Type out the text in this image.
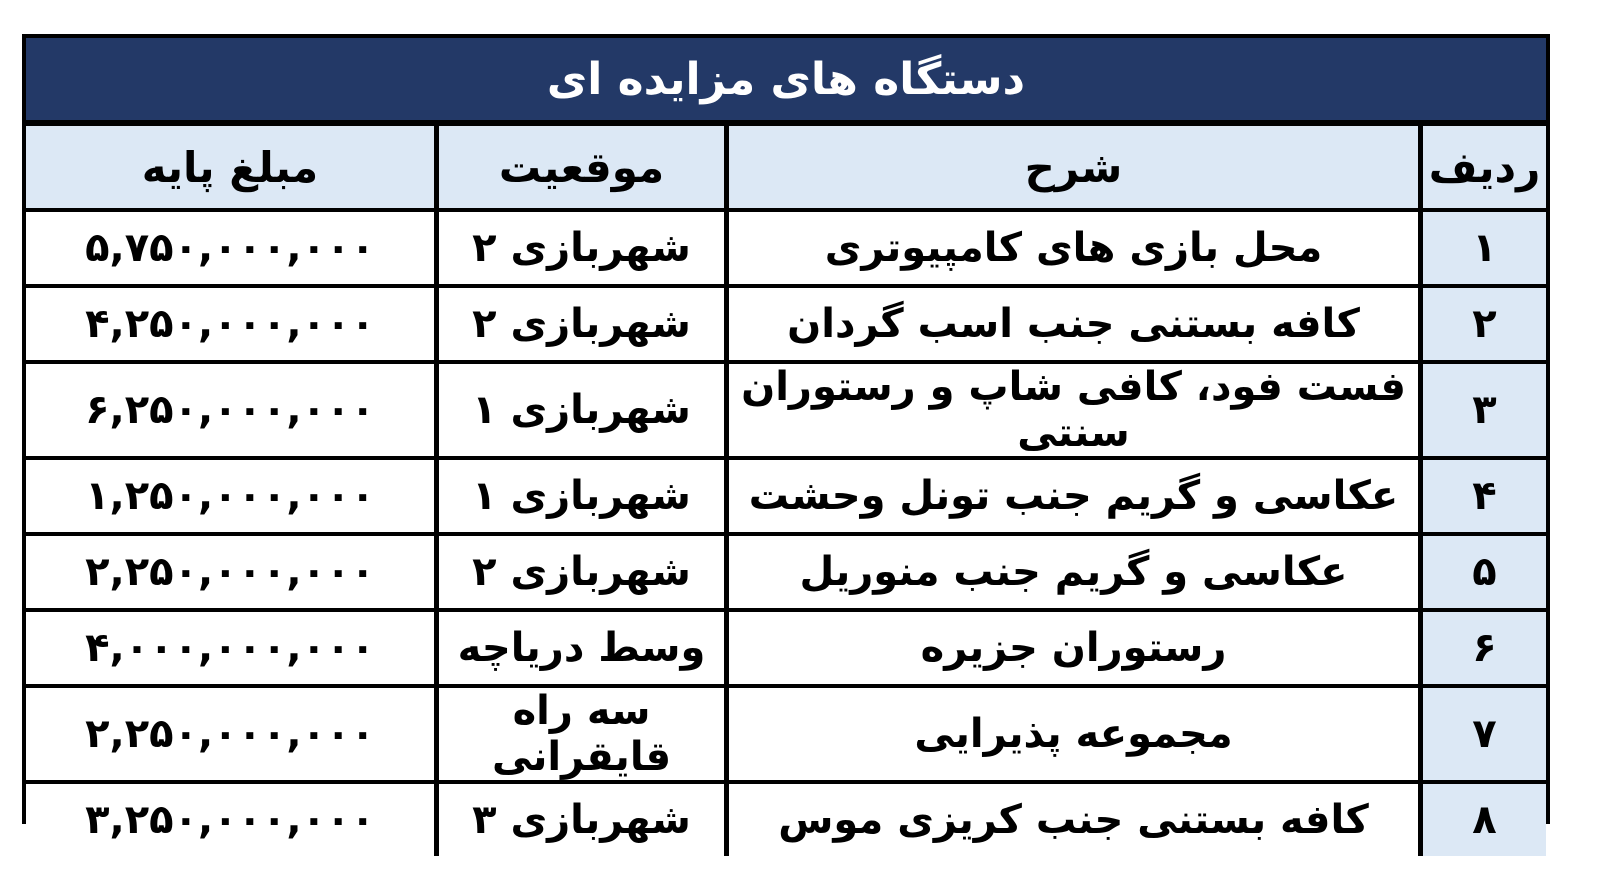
دستگاه های مزایده ای
ردیف	شرح	موقعیت	مبلغ پایه
۱	محل بازی های کامپیوتری	شهربازی ۲	۵,۷۵۰,۰۰۰,۰۰۰
۲	کافه بستنی جنب اسب گردان	شهربازی ۲	۴,۲۵۰,۰۰۰,۰۰۰
۳	فست فود، کافی شاپ و رستوران سنتی	شهربازی ۱	۶,۲۵۰,۰۰۰,۰۰۰
۴	عکاسی و گریم جنب تونل وحشت	شهربازی ۱	۱,۲۵۰,۰۰۰,۰۰۰
۵	عکاسی و گریم جنب منوریل	شهربازی ۲	۲,۲۵۰,۰۰۰,۰۰۰
۶	رستوران جزیره	وسط دریاچه	۴,۰۰۰,۰۰۰,۰۰۰
۷	مجموعه پذیرایی	سه راه قایقرانی	۲,۲۵۰,۰۰۰,۰۰۰
۸	کافه بستنی جنب کریزی موس	شهربازی ۳	۳,۲۵۰,۰۰۰,۰۰۰
